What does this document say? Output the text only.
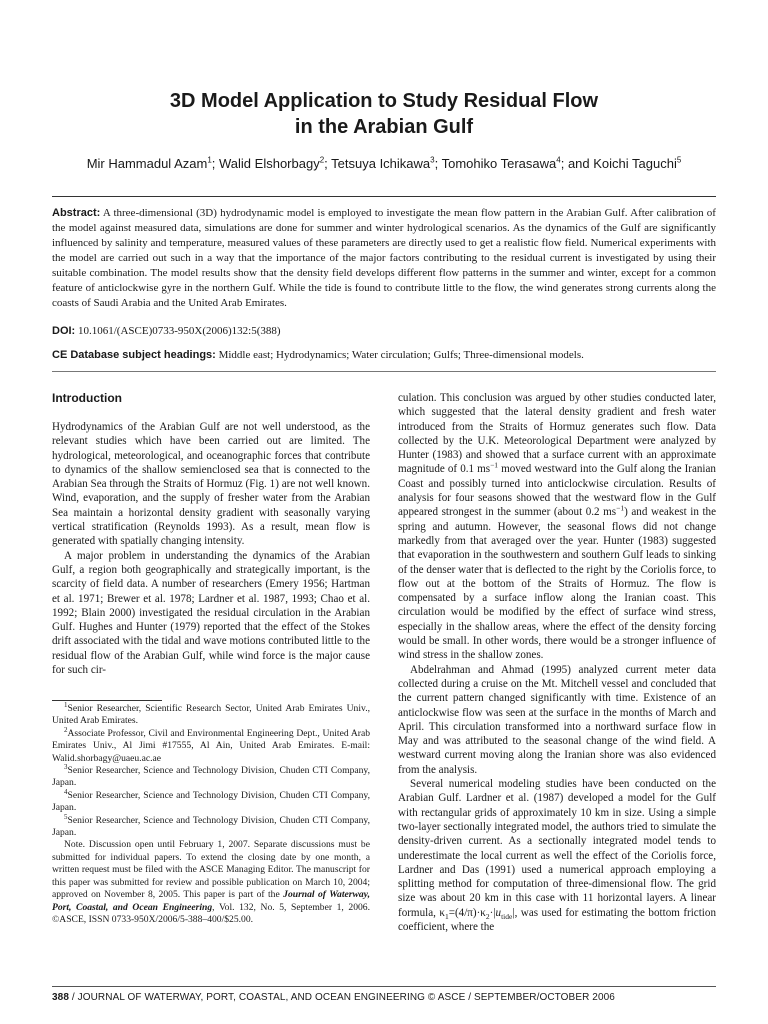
3D Model Application to Study Residual Flow
in the Arabian Gulf
Mir Hammadul Azam$^1$; Walid Elshorbagy$^2$; Tetsuya Ichikawa$^3$; Tomohiko Terasawa$^4$; and Koichi Taguchi$^5$
Abstract: A three-dimensional (3D) hydrodynamic model is employed to investigate the mean flow pattern in the Arabian Gulf. After calibration of the model against measured data, simulations are done for summer and winter hydrological scenarios. As the dynamics of the Gulf are significantly influenced by salinity and temperature, measured values of these parameters are directly used to get a realistic flow field. Numerical experiments with the model are carried out such in a way that the importance of the major factors contributing to the residual current is investigated by using their suitable combination. The model results show that the density field develops different flow patterns in the summer and winter, except for a common feature of anticlockwise gyre in the northern Gulf. While the tide is found to contribute little to the flow, the wind generates strong currents along the coasts of Saudi Arabia and the United Arab Emirates.
DOI: 10.1061/(ASCE)0733-950X(2006)132:5(388)
CE Database subject headings: Middle east; Hydrodynamics; Water circulation; Gulfs; Three-dimensional models.
Introduction

Hydrodynamics of the Arabian Gulf are not well understood, as the relevant studies which have been carried out are limited. The hydrological, meteorological, and oceanographic forces that contribute to dynamics of the shallow semienclosed sea that is connected to the Arabian Sea through the Straits of Hormuz (Fig. 1) are not well known. Wind, evaporation, and the supply of fresher water from the Arabian Sea maintain a horizontal density gradient with seasonally varying vertical stratification (Reynolds 1993). As a result, mean flow is generated with spatially changing intensity.

A major problem in understanding the dynamics of the Arabian Gulf, a region both geographically and strategically important, is the scarcity of field data. A number of researchers (Emery 1956; Hartman et al. 1971; Brewer et al. 1978; Lardner et al. 1987, 1993; Chao et al. 1992; Blain 2000) investigated the residual circulation in the Arabian Gulf. Hughes and Hunter (1979) reported that the effect of the Stokes drift associated with the tidal and wave motions contributed little to the residual flow of the Arabian Gulf, while wind force is the major cause for such cir-

$^1$Senior Researcher, Scientific Research Sector, United Arab Emirates Univ., United Arab Emirates.

$^2$Associate Professor, Civil and Environmental Engineering Dept., United Arab Emirates Univ., Al Jimi #17555, Al Ain, United Arab Emirates. E-mail: Walid.shorbagy@uaeu.ac.ae

$^3$Senior Researcher, Science and Technology Division, Chuden CTI Company, Japan.

$^4$Senior Researcher, Science and Technology Division, Chuden CTI Company, Japan.

$^5$Senior Researcher, Science and Technology Division, Chuden CTI Company, Japan.

Note. Discussion open until February 1, 2007. Separate discussions must be submitted for individual papers. To extend the closing date by one month, a written request must be filed with the ASCE Managing Editor. The manuscript for this paper was submitted for review and possible publication on March 10, 2004; approved on November 8, 2005. This paper is part of the Journal of Waterway, Port, Coastal, and Ocean Engineering, Vol. 132, No. 5, September 1, 2006. ©ASCE, ISSN 0733-950X/2006/5-388–400/$25.00.

culation. This conclusion was argued by other studies conducted later, which suggested that the lateral density gradient and fresh water introduced from the Straits of Hormuz generates such flow. Data collected by the U.K. Meteorological Department were analyzed by Hunter (1983) and showed that a surface current with an approximate magnitude of 0.1 $ms^{-1}$ moved westward into the Gulf along the Iranian Coast and possibly turned into anticlockwise circulation. Results of analysis for four seasons showed that the westward flow in the Gulf appeared strongest in the summer (about 0.2 $ms^{-1}$) and weakest in the spring and autumn. However, the seasonal flows did not change markedly from that averaged over the year. Hunter (1983) suggested that evaporation in the southwestern and southern Gulf leads to sinking of the denser water that is deflected to the right by the Coriolis force, to flow out at the bottom of the Straits of Hormuz. The flow is compensated by a surface inflow along the Iranian coast. This circulation would be modified by the effect of surface wind stress, especially in the shallow areas, where the effect of the density forcing would be small. In other words, there would be a stronger influence of wind stress in the shallow zones.

Abdelrahman and Ahmad (1995) analyzed current meter data collected during a cruise on the Mt. Mitchell vessel and concluded that the current pattern changed significantly with time. Existence of an anticlockwise flow was seen at the surface in the months of March and April. This circulation transformed into a northward surface flow in May and was attributed to the seasonal change of the wind field. A westward current moving along the Iranian shore was also evidenced from the analysis.

Several numerical modeling studies have been conducted on the Arabian Gulf. Lardner et al. (1987) developed a model for the Gulf with rectangular grids of approximately 10 km in size. Using a simple two-layer sectionally integrated model, the authors tried to simulate the density-driven current. As a sectionally integrated model tends to underestimate the local current as well the effect of the Coriolis force, Lardner and Das (1991) used a numerical approach employing a splitting method for computation of three-dimensional flow. The grid size was about 20 km in this case with 11 horizontal layers. A linear formula, $\kappa_1=(4/\pi)\cdot\kappa_2\cdot|u_{tide}|$, was used for estimating the bottom friction coefficient, where the

388 / JOURNAL OF WATERWAY, PORT, COASTAL, AND OCEAN ENGINEERING © ASCE / SEPTEMBER/OCTOBER 2006
